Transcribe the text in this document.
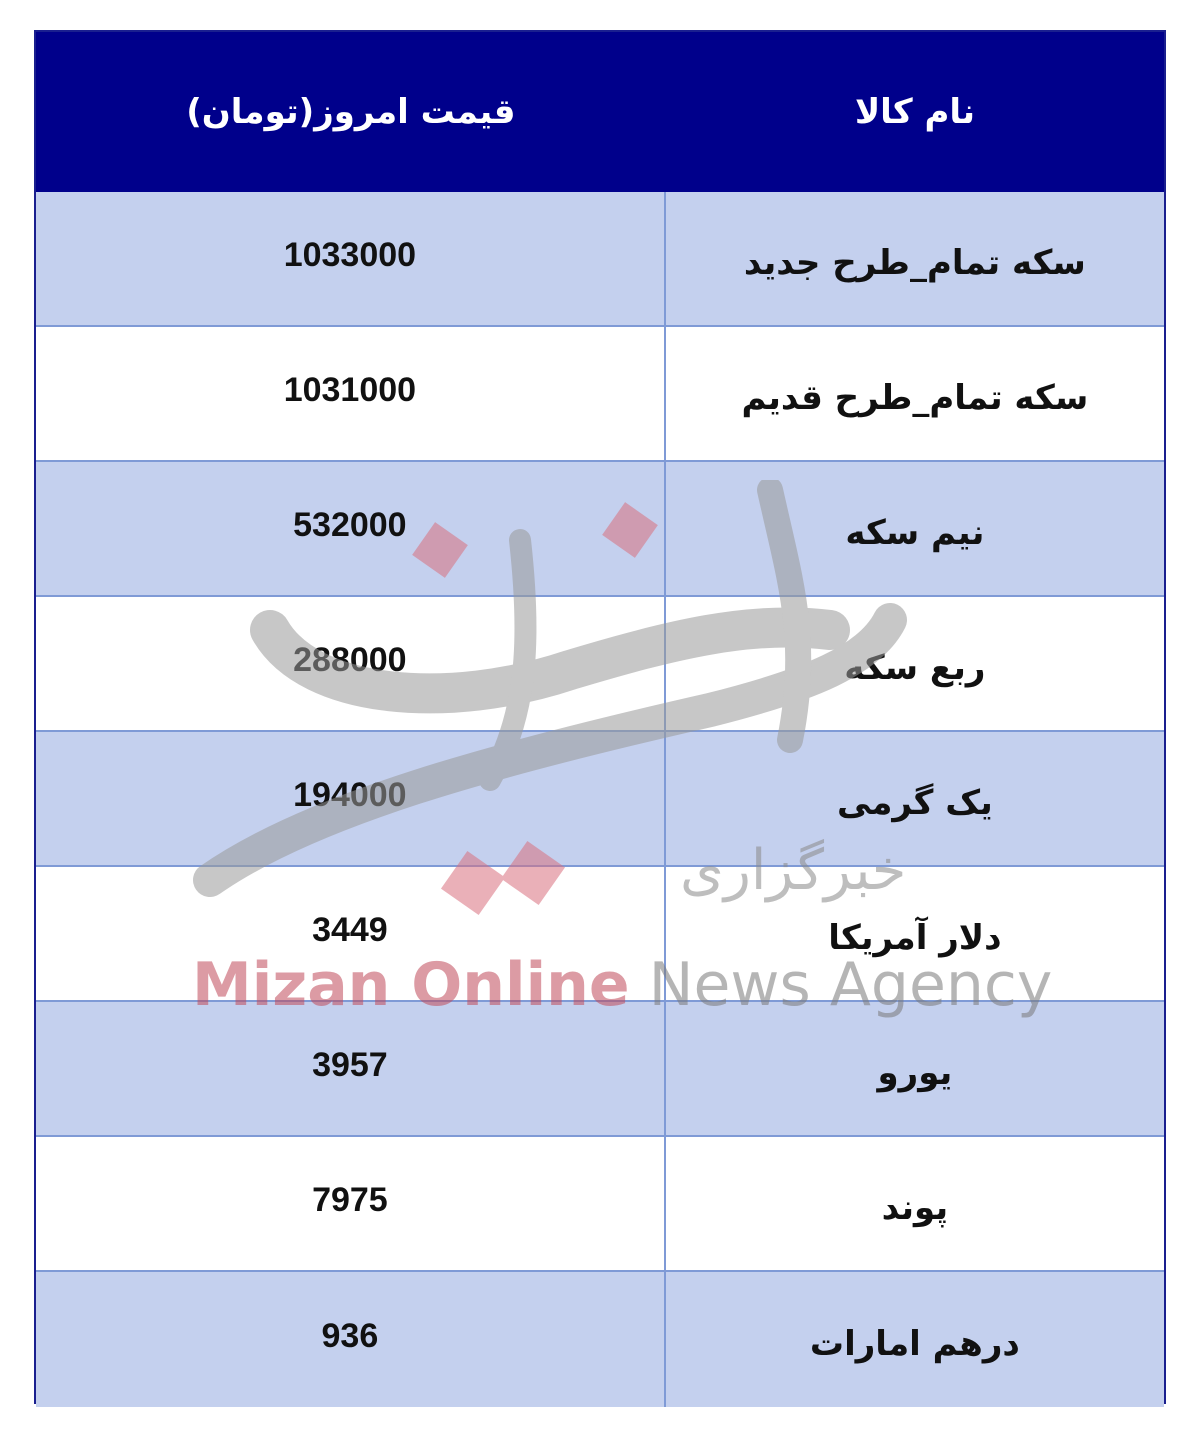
قیمت امروز(تومان)	نام کالا
1033000	سکه تمام_طرح جدید
1031000	سکه تمام_طرح قدیم
532000	نیم سکه
288000	ربع سکه
194000	یک گرمی
3449	دلار آمریکا
3957	یورو
7975	پوند
936	درهم امارات
خبرگزاری
Mizan Online News Agency
